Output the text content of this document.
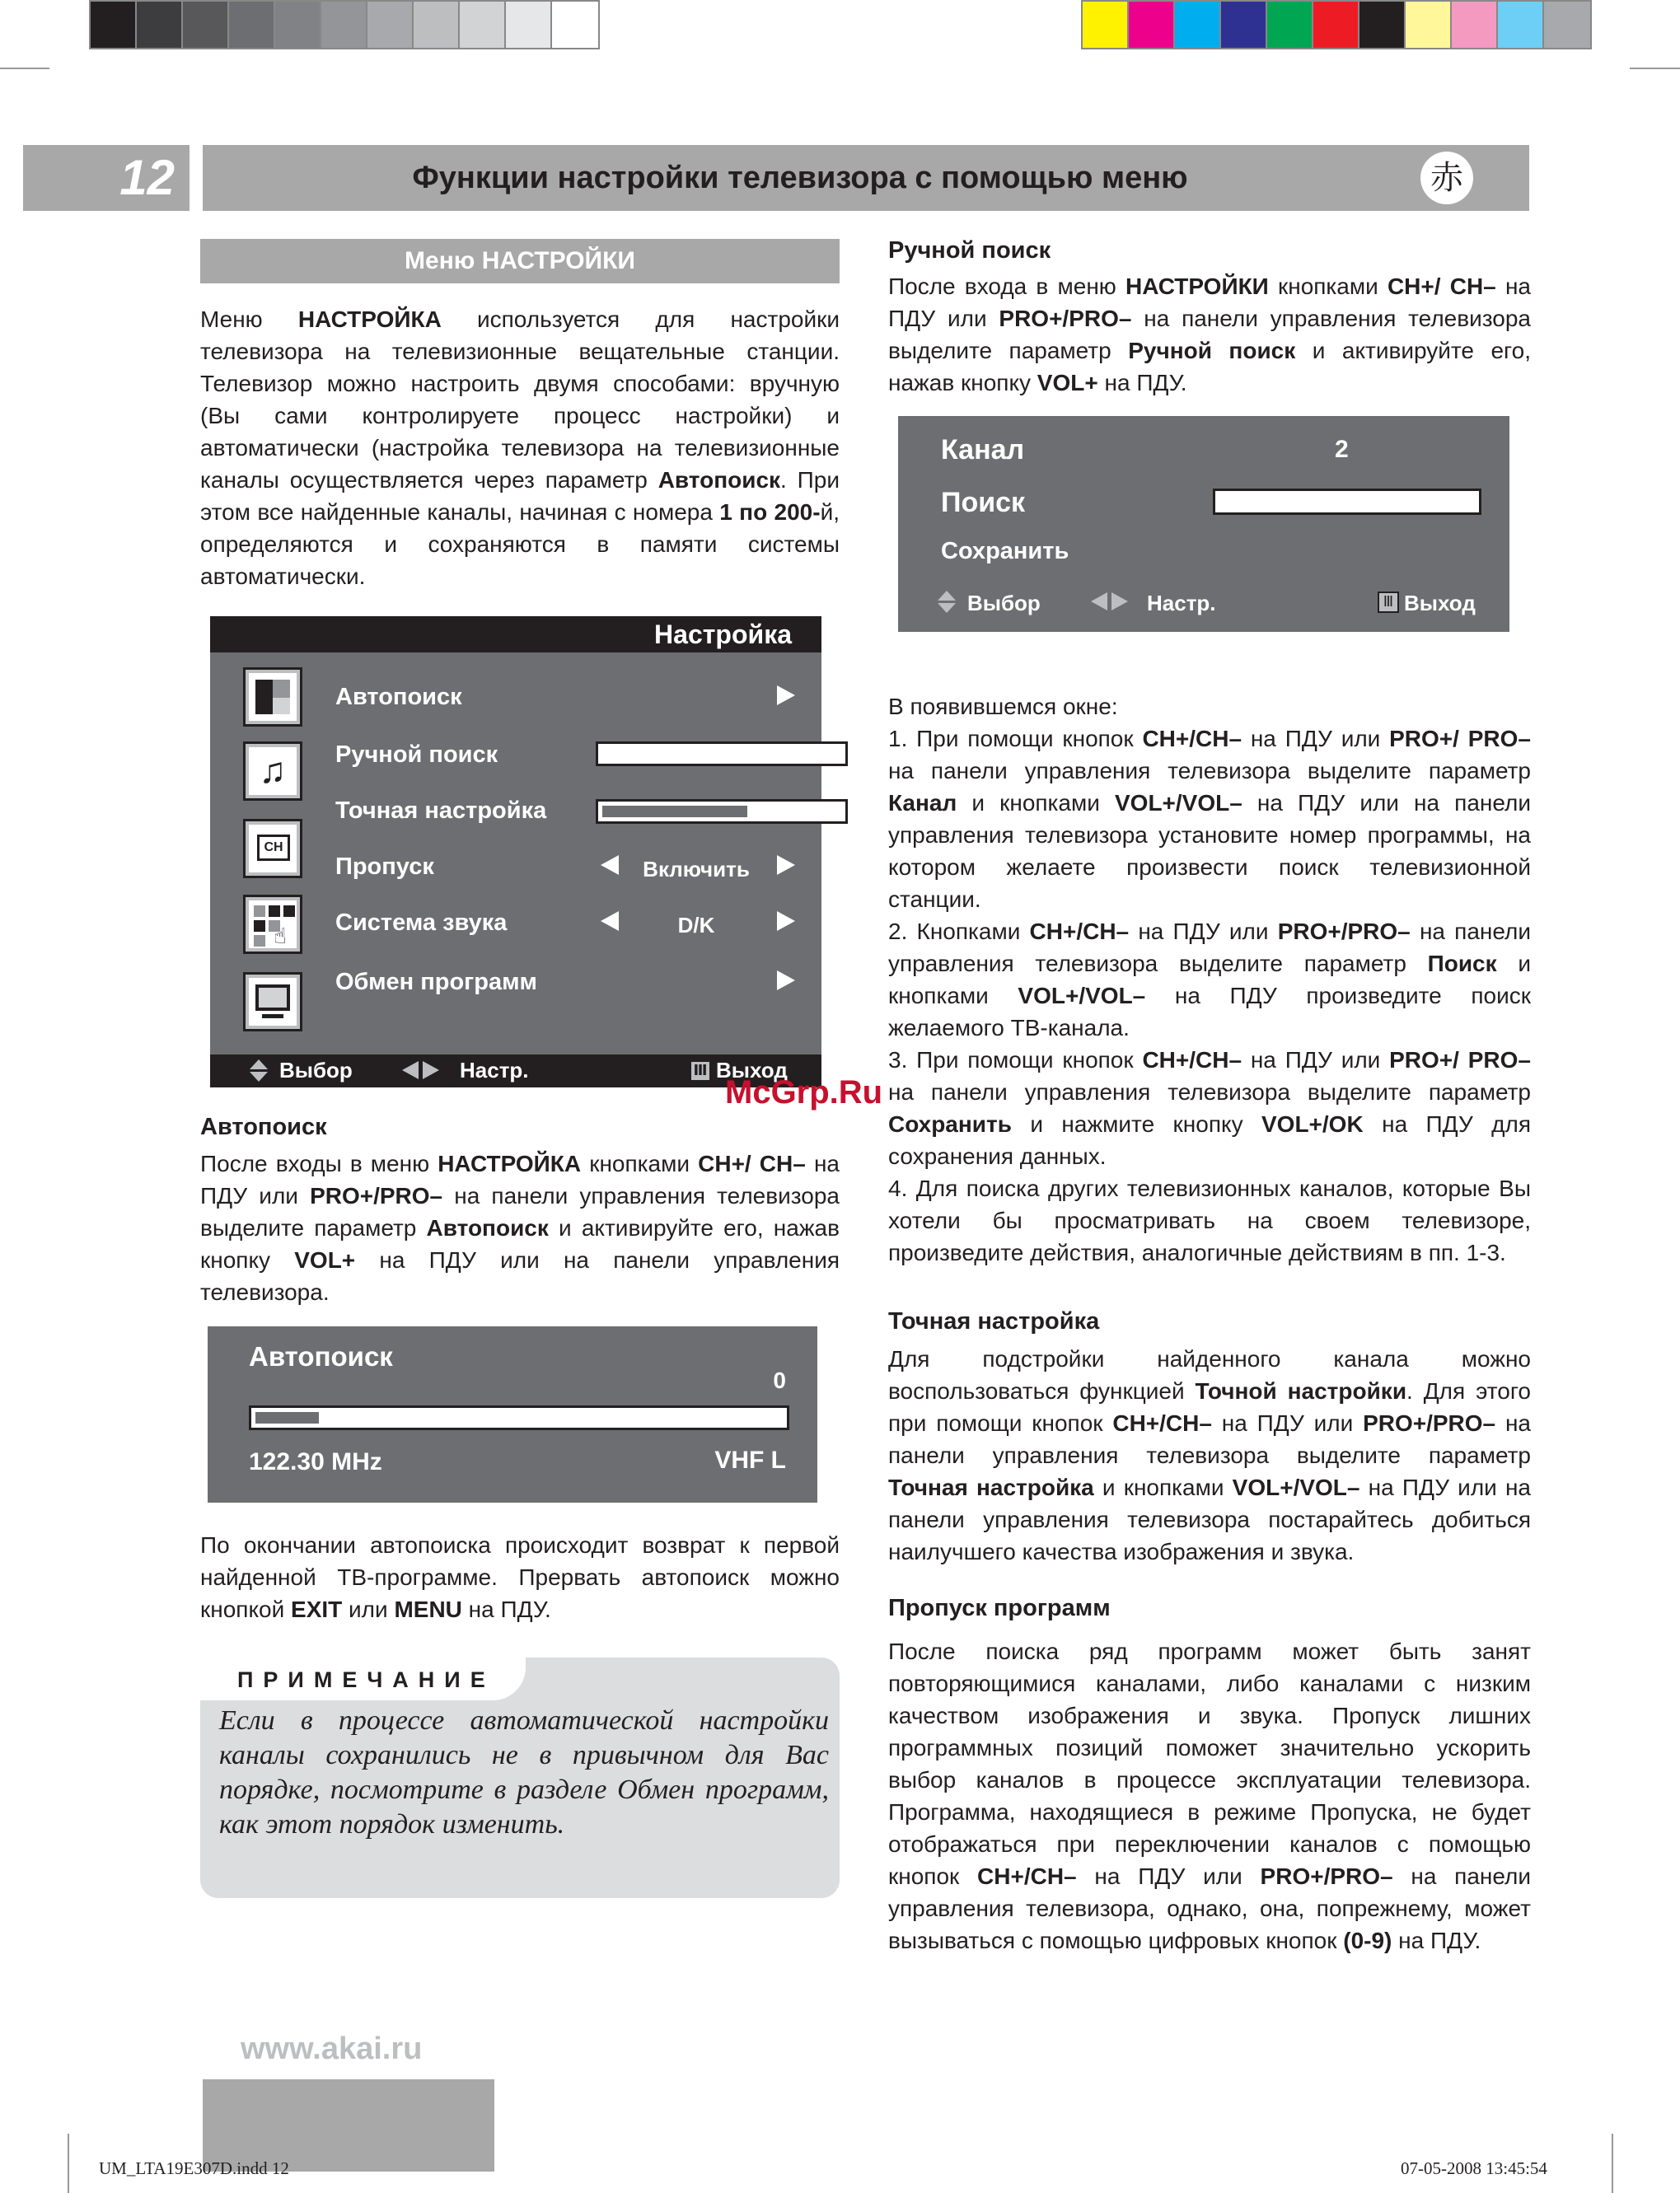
12	Функции настройки телевизора с помощью меню	赤
Меню НАСТРОЙКИ
Меню НАСТРОЙКА используется для настройки телевизора на телевизионные вещательные станции. Телевизор можно настроить двумя способами: вручную (Вы сами контролируете процесс настройки) и автоматически (настройка телевизора на телевизионные каналы осуществляется через параметр Автопоиск. При этом все найденные каналы, начиная с номера 1 по 200-й, определяются и сохраняются в памяти системы автоматически.
Настройка
♫
CH
☝
Автопоиск
Ручной поиск
Точная настройка
Пропуск	Включить
Система звука	D/K
Обмен программ
Выбор	Настр.	Ⅲ Выход
Автопоиск
После входы в меню НАСТРОЙКА кнопками CH+/ CH– на ПДУ или PRO+/PRO– на панели управления телевизора выделите параметр Автопоиск и активируйте его, нажав кнопку VOL+ на ПДУ или на панели управления телевизора.
Автопоиск
0
122.30 MHz	VHF L
По окончании автопоиска происходит возврат к первой найденной ТВ-программе. Прервать автопоиск можно кнопкой EXIT или MENU на ПДУ.
ПРИМЕЧАНИЕ
Если в процессе автоматической настройки каналы сохранились не в привычном для Вас порядке, посмотрите в разделе Обмен программ, как этот порядок изменить.
Ручной поиск
После входа в меню НАСТРОЙКИ кнопками CH+/ CH– на ПДУ или PRO+/PRO– на панели управления телевизора выделите параметр Ручной поиск и активируйте его, нажав кнопку VOL+ на ПДУ.
Канал	2
Поиск
Сохранить
Выбор	Настр.	Ⅲ Выход
В появившемся окне:
1. При помощи кнопок CH+/CH– на ПДУ или PRO+/ PRO– на панели управления телевизора выделите параметр Канал и кнопками VOL+/VOL– на ПДУ или на панели управления телевизора установите номер программы, на котором желаете произвести поиск телевизионной станции.
2. Кнопками CH+/CH– на ПДУ или PRO+/PRO– на панели управления телевизора выделите параметр Поиск и кнопками VOL+/VOL– на ПДУ произведите поиск желаемого ТВ-канала.
3. При помощи кнопок CH+/CH– на ПДУ или PRO+/ PRO– на панели управления телевизора выделите параметр Сохранить и нажмите кнопку VOL+/OK на ПДУ для сохранения данных.
4. Для поиска других телевизионных каналов, которые Вы хотели бы просматривать на своем телевизоре, произведите действия, аналогичные действиям в пп. 1-3.
Точная настройка
Для подстройки найденного канала можно воспользоваться функцией Точной настройки. Для этого при помощи кнопок CH+/CH– на ПДУ или PRO+/PRO– на панели управления телевизора выделите параметр Точная настройка и кнопками VOL+/VOL– на ПДУ или на панели управления телевизора постарайтесь добиться наилучшего качества изображения и звука.
Пропуск программ
После поиска ряд программ может быть занят повторяющимися каналами, либо каналами с низким качеством изображения и звука. Пропуск лишних программных позиций поможет значительно ускорить выбор каналов в процессе эксплуатации телевизора. Программа, находящиеся в режиме Пропуска, не будет отображаться при переключении каналов с помощью кнопок CH+/CH– на ПДУ или PRO+/PRO– на панели управления телевизора, однако, она, попрежнему, может вызываться с помощью цифровых кнопок (0-9) на ПДУ.
www.akai.ru
UM_LTA19E307D.indd 12	07-05-2008 13:45:54
McGrp.Ru
